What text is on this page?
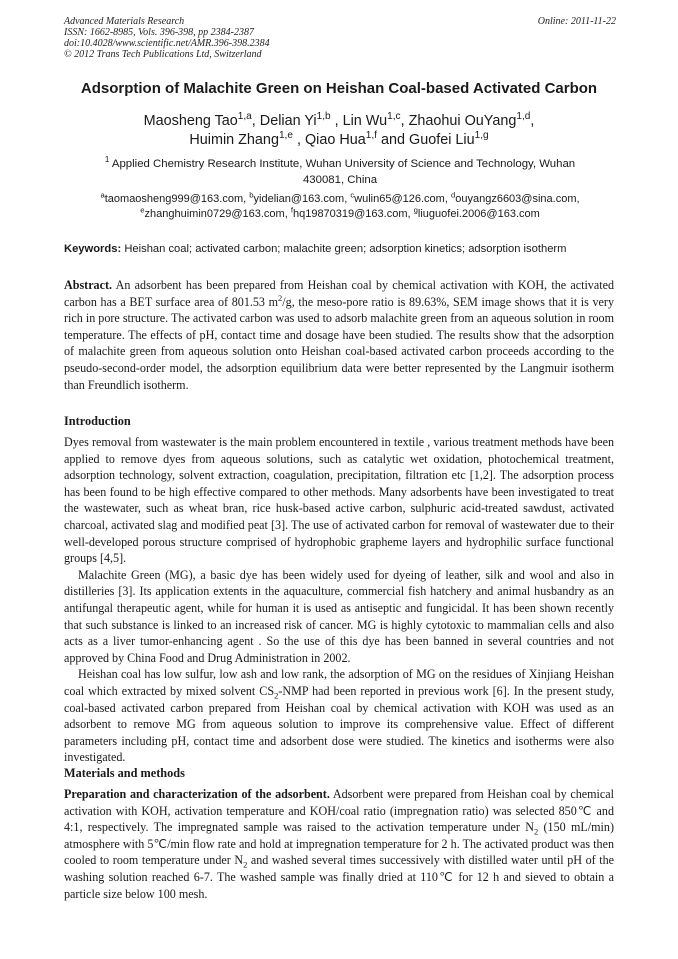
Advanced Materials Research
ISSN: 1662-8985, Vols. 396-398, pp 2384-2387
doi:10.4028/www.scientific.net/AMR.396-398.2384
© 2012 Trans Tech Publications Ltd, Switzerland
Online: 2011-11-22
Adsorption of Malachite Green on Heishan Coal-based Activated Carbon
Maosheng Tao$^{1,a}$, Delian Yi$^{1,b}$ , Lin Wu$^{1,c}$, Zhaohui OuYang$^{1,d}$,
Huimin Zhang$^{1,e}$ , Qiao Hua$^{1,f}$ and Guofei Liu$^{1,g}$
$^1$ Applied Chemistry Research Institute, Wuhan University of Science and Technology, Wuhan
430081, China
$^a$taomaosheng999@163.com, $^b$yidelian@163.com, $^c$wulin65@126.com, $^d$ouyangz6603@sina.com,
$^e$zhanghuimin0729@163.com, $^f$hq19870319@163.com, $^g$liuguofei.2006@163.com
Keywords: Heishan coal; activated carbon; malachite green; adsorption kinetics; adsorption isotherm

Abstract. An adsorbent has been prepared from Heishan coal by chemical activation with KOH, the activated carbon has a BET surface area of 801.53 $m^2/g$, the meso-pore ratio is 89.63%, SEM image shows that it is very rich in pore structure. The activated carbon was used to adsorb malachite green from an aqueous solution in room temperature. The effects of pH, contact time and dosage have been studied. The results show that the adsorption of malachite green from aqueous solution onto Heishan coal-based activated carbon proceeds according to the pseudo-second-order model, the adsorption equilibrium data were better represented by the Langmuir isotherm than Freundlich isotherm.

Introduction

Dyes removal from wastewater is the main problem encountered in textile , various treatment methods have been applied to remove dyes from aqueous solutions, such as catalytic wet oxidation, photochemical treatment, adsorption technology, solvent extraction, coagulation, precipitation, filtration etc [1,2]. The adsorption process has been found to be high effective compared to other methods. Many adsorbents have been investigated to treat the wastewater, such as wheat bran, rice husk-based active carbon, sulphuric acid-treated sawdust, activated charcoal, activated slag and modified peat [3]. The use of activated carbon for removal of wastewater due to their well-developed porous structure comprised of hydrophobic grapheme layers and hydrophilic surface functional groups [4,5].

Malachite Green (MG), a basic dye has been widely used for dyeing of leather, silk and wool and also in distilleries [3]. Its application extents in the aquaculture, commercial fish hatchery and animal husbandry as an antifungal therapeutic agent, while for human it is used as antiseptic and fungicidal. It has been shown recently that such substance is linked to an increased risk of cancer. MG is highly cytotoxic to mammalian cells and also acts as a liver tumor-enhancing agent . So the use of this dye has been banned in several countries and not approved by China Food and Drug Administration in 2002.

Heishan coal has low sulfur, low ash and low rank, the adsorption of MG on the residues of Xinjiang Heishan coal which extracted by mixed solvent $CS_2$-NMP had been reported in previous work [6]. In the present study, coal-based activated carbon prepared from Heishan coal by chemical activation with KOH was used as an adsorbent to remove MG from aqueous solution to improve its comprehensive value. Effect of different parameters including pH, contact time and adsorbent dose were studied. The kinetics and isotherms were also investigated.

Materials and methods

Preparation and characterization of the adsorbent. Adsorbent were prepared from Heishan coal by chemical activation with KOH, activation temperature and KOH/coal ratio (impregnation ratio) was selected 850℃ and 4:1, respectively. The impregnated sample was raised to the activation temperature under $N_2$ (150 mL/min) atmosphere with 5℃/min flow rate and hold at impregnation temperature for 2 h. The activated product was then cooled to room temperature under $N_2$ and washed several times successively with distilled water until pH of the washing solution reached 6-7. The washed sample was finally dried at 110℃ for 12 h and sieved to obtain a particle size below 100 mesh.
